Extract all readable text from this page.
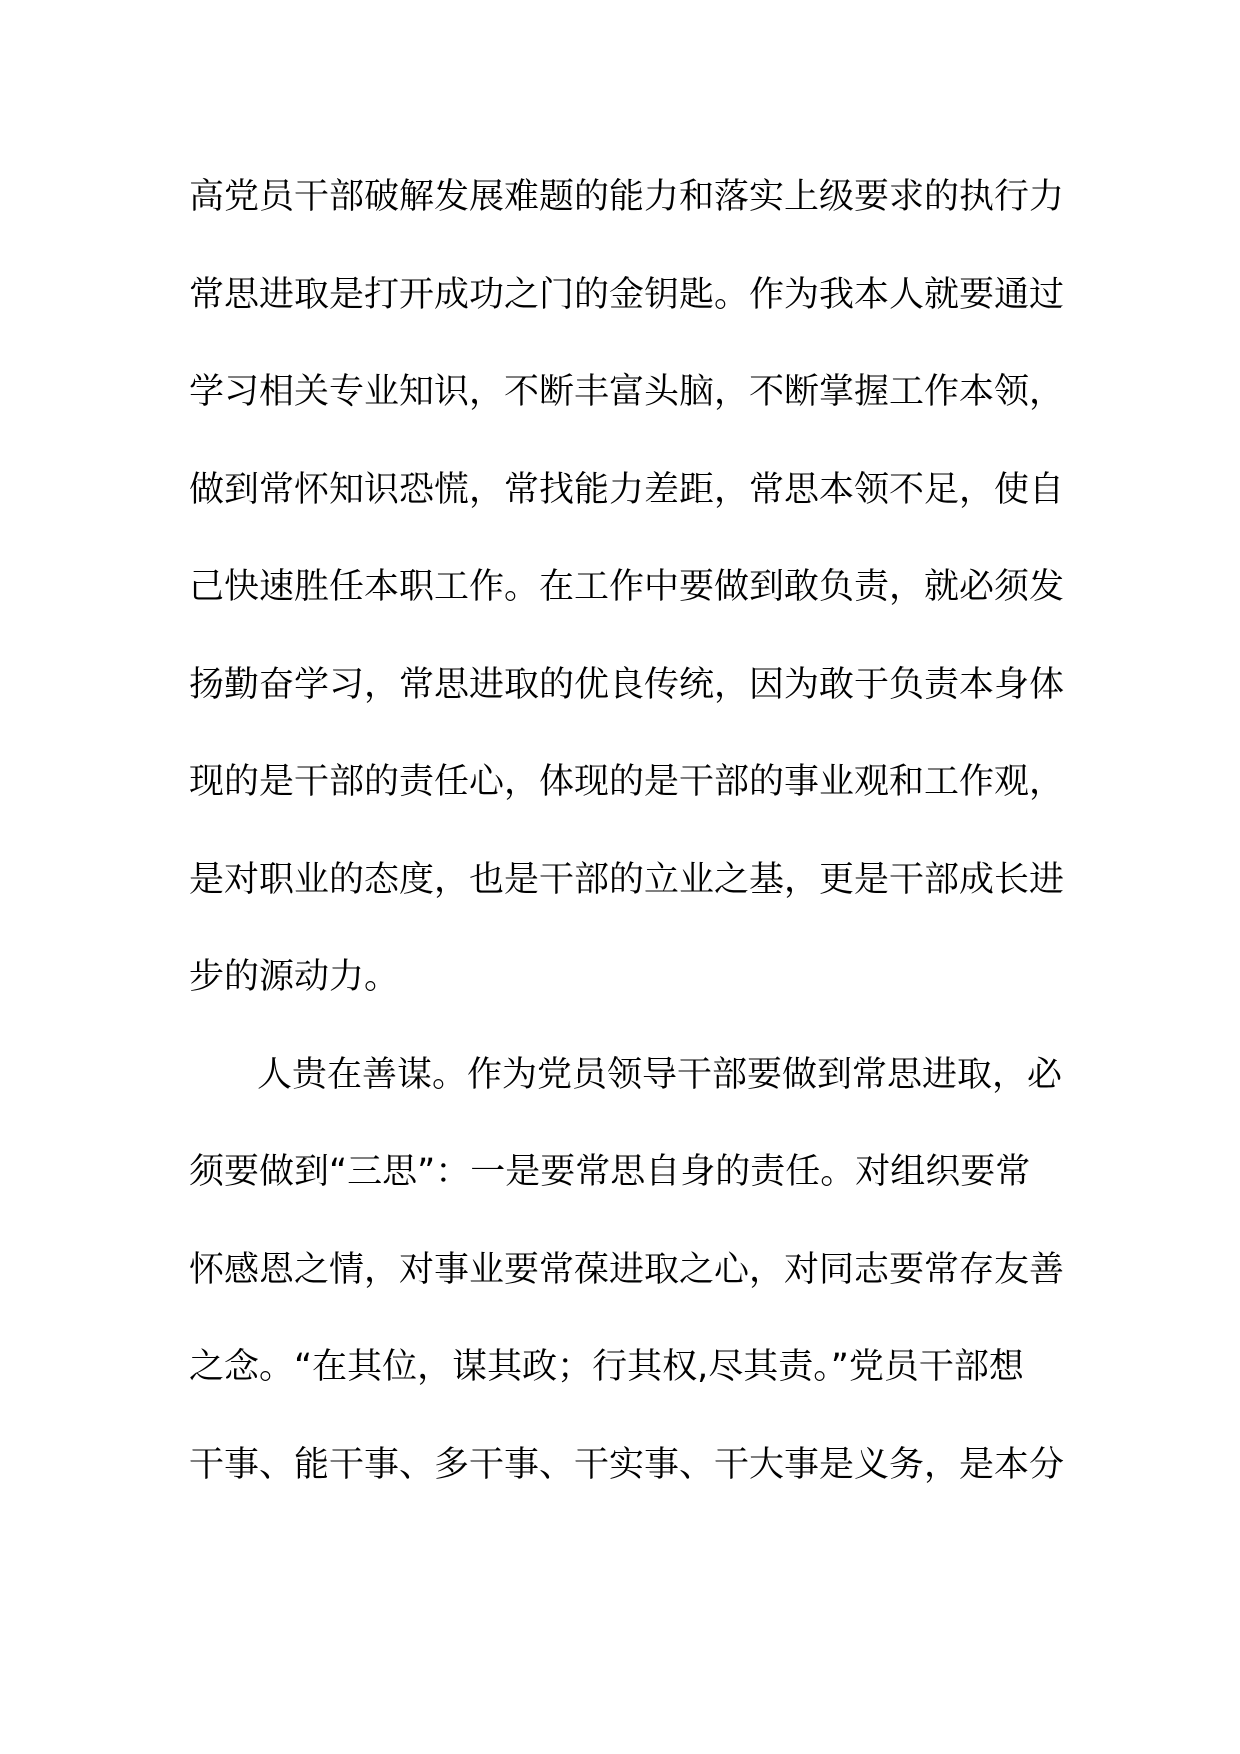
高党员干部破解发展难题的能力和落实上级要求的执行力
常思进取是打开成功之门的金钥匙。作为我本人就要通过
学习相关专业知识，不断丰富头脑，不断掌握工作本领，
做到常怀知识恐慌，常找能力差距，常思本领不足，使自
己快速胜任本职工作。在工作中要做到敢负责，就必须发
扬勤奋学习，常思进取的优良传统，因为敢于负责本身体
现的是干部的责任心，体现的是干部的事业观和工作观，
是对职业的态度，也是干部的立业之基，更是干部成长进
步的源动力。
人贵在善谋。作为党员领导干部要做到常思进取，必
须要做到“三思”：一是要常思自身的责任。对组织要常
怀感恩之情，对事业要常葆进取之心，对同志要常存友善
之念。“在其位，谋其政；行其权,尽其责。”党员干部想
干事、能干事、多干事、干实事、干大事是义务，是本分
